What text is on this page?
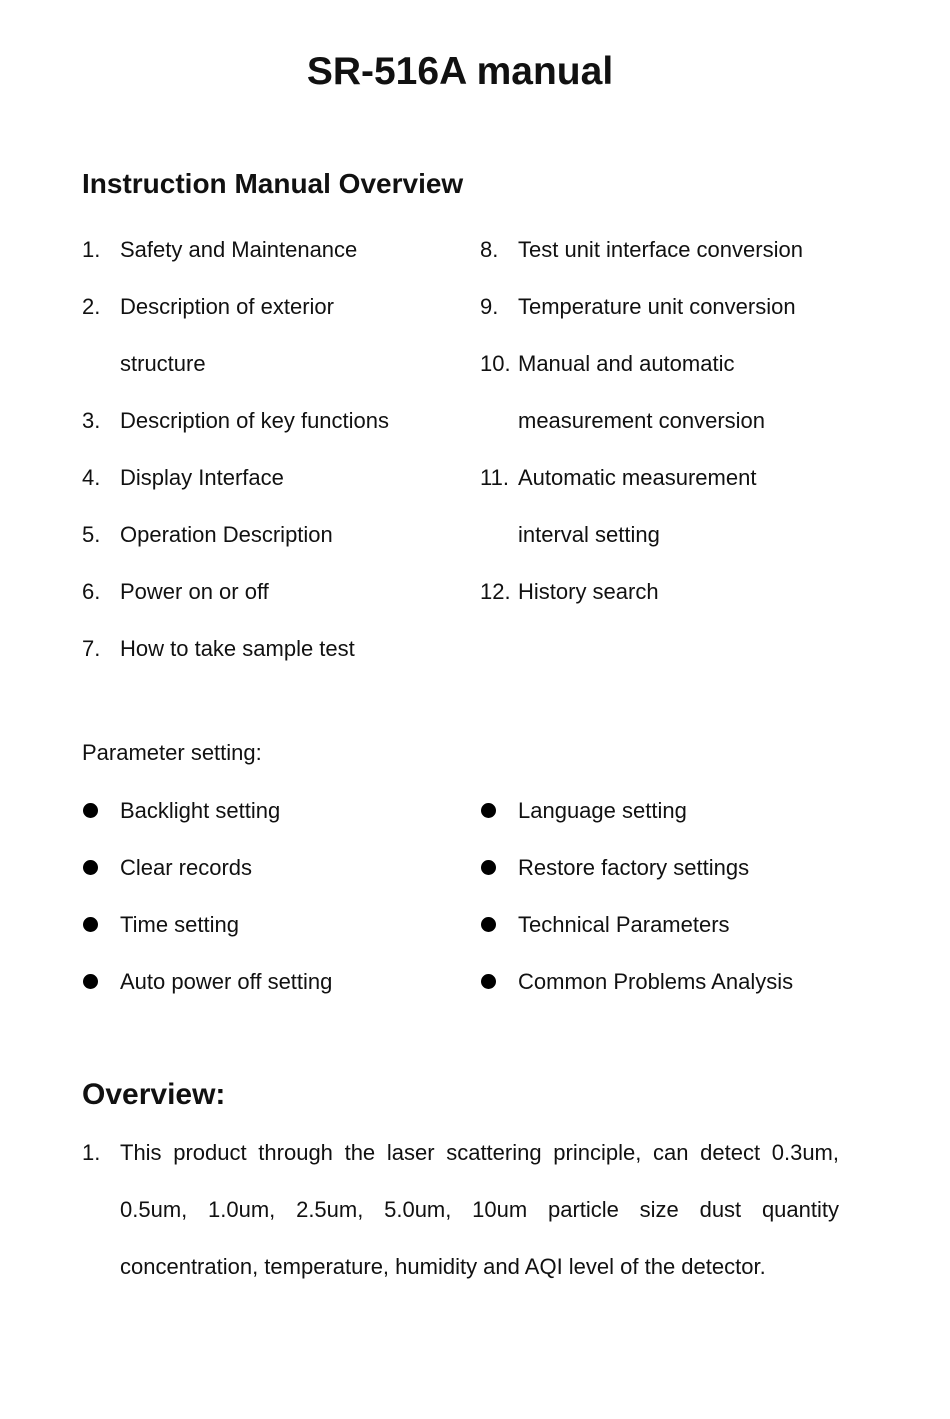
SR-516A manual
Instruction Manual Overview
1. Safety and Maintenance
2. Description of exterior structure
3. Description of key functions
4. Display Interface
5. Operation Description
6. Power on or off
7. How to take sample test
8. Test unit interface conversion
9. Temperature unit conversion
10. Manual and automatic measurement conversion
11. Automatic measurement interval setting
12. History search

Parameter setting:

Backlight setting
Clear records
Time setting
Auto power off setting
Language setting
Restore factory settings
Technical Parameters
Common Problems Analysis
Overview:
1. This product through the laser scattering principle, can detect 0.3um, 0.5um, 1.0um, 2.5um, 5.0um, 10um particle size dust quantity concentration, temperature, humidity and AQI level of the detector.
